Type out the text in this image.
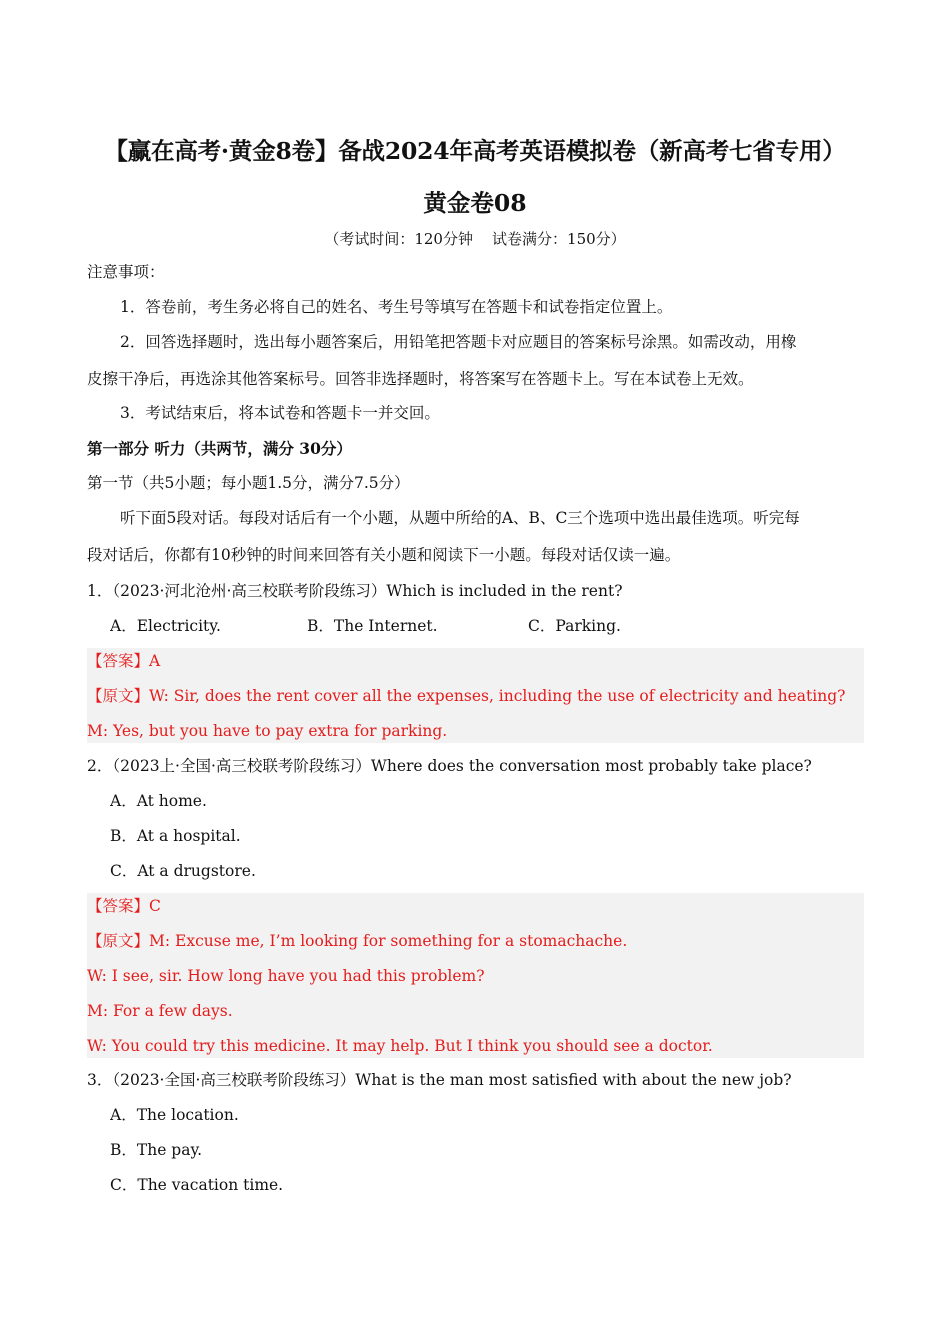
【赢在高考·黄金8卷】备战2024年高考英语模拟卷（新高考七省专用）
黄金卷08
（考试时间：120分钟    试卷满分：150分）
注意事项：
1．答卷前，考生务必将自己的姓名、考生号等填写在答题卡和试卷指定位置上。
2．回答选择题时，选出每小题答案后，用铅笔把答题卡对应题目的答案标号涂黑。如需改动，用橡
皮擦干净后，再选涂其他答案标号。回答非选择题时，将答案写在答题卡上。写在本试卷上无效。
3．考试结束后，将本试卷和答题卡一并交回。
第一部分 听力（共两节，满分 30分）
第一节（共5小题；每小题1.5分，满分7.5分）
听下面5段对话。每段对话后有一个小题，从题中所给的A、B、C三个选项中选出最佳选项。听完每
段对话后，你都有10秒钟的时间来回答有关小题和阅读下一小题。每段对话仅读一遍。
1．（2023·河北沧州·高三校联考阶段练习）Which is included in the rent?
A．Electricity.	B．The Internet.	C．Parking.
【答案】A
【原文】W: Sir, does the rent cover all the expenses, including the use of electricity and heating?
M: Yes, but you have to pay extra for parking.
2．（2023上·全国·高三校联考阶段练习）Where does the conversation most probably take place?
A．At home.
B．At a hospital.
C．At a drugstore.
【答案】C
【原文】M: Excuse me, I’m looking for something for a stomachache.
W: I see, sir. How long have you had this problem?
M: For a few days.
W: You could try this medicine. It may help. But I think you should see a doctor.
3．（2023·全国·高三校联考阶段练习）What is the man most satisfied with about the new job?
A．The location.
B．The pay.
C．The vacation time.
